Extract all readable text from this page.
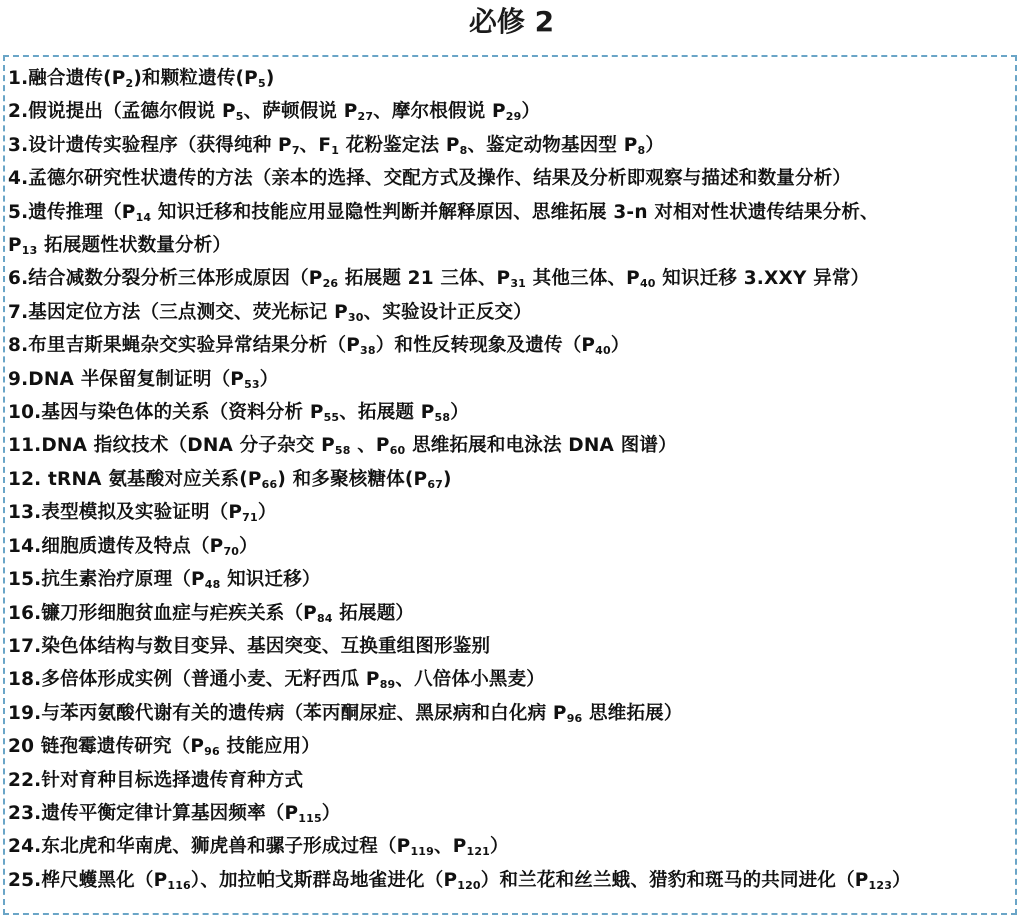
必修 2
1.融合遗传$(P_2)$和颗粒遗传$(P_5)$
2.假说提出（孟德尔假说 $P_5$、萨顿假说 $P_{27}$、摩尔根假说 $P_{29}$）
3.设计遗传实验程序（获得纯种 $P_7$、$F_1$ 花粉鉴定法 $P_8$、鉴定动物基因型 $P_8$）
4.孟德尔研究性状遗传的方法（亲本的选择、交配方式及操作、结果及分析即观察与描述和数量分析）
5.遗传推理（$P_{14}$ 知识迁移和技能应用显隐性判断并解释原因、思维拓展 3-n 对相对性状遗传结果分析、
$P_{13}$ 拓展题性状数量分析）
6.结合减数分裂分析三体形成原因（$P_{26}$ 拓展题 21 三体、$P_{31}$ 其他三体、$P_{40}$ 知识迁移 3.XXY 异常）
7.基因定位方法（三点测交、荧光标记 $P_{30}$、实验设计正反交）
8.布里吉斯果蝇杂交实验异常结果分析$(P_{38})$和性反转现象及遗传$(P_{40})$
9.DNA 半保留复制证明$(P_{53})$
10.基因与染色体的关系（资料分析 $P_{55}$、拓展题 $P_{58}$）
11.DNA 指纹技术（DNA 分子杂交 $P_{58}$ 、$P_{60}$ 思维拓展和电泳法 DNA 图谱）
12. tRNA 氨基酸对应关系$(P_{66})$ 和多聚核糖体$(P_{67})$
13.表型模拟及实验证明$(P_{71})$
14.细胞质遗传及特点$(P_{70})$
15.抗生素治疗原理（$P_{48}$ 知识迁移）
16.镰刀形细胞贫血症与疟疾关系（$P_{84}$ 拓展题）
17.染色体结构与数目变异、基因突变、互换重组图形鉴别
18.多倍体形成实例（普通小麦、无籽西瓜 $P_{89}$、八倍体小黑麦）
19.与苯丙氨酸代谢有关的遗传病（苯丙酮尿症、黑尿病和白化病 $P_{96}$ 思维拓展）
20 链孢霉遗传研究（$P_{96}$ 技能应用）
22.针对育种目标选择遗传育种方式
23.遗传平衡定律计算基因频率$(P_{115})$
24.东北虎和华南虎、狮虎兽和骡子形成过程（$P_{119}$、$P_{121}$）
25.桦尺蠖黑化$(P_{116})$、加拉帕戈斯群岛地雀进化$(P_{120})$和兰花和丝兰蛾、猎豹和斑马的共同进化$(P_{123})$
